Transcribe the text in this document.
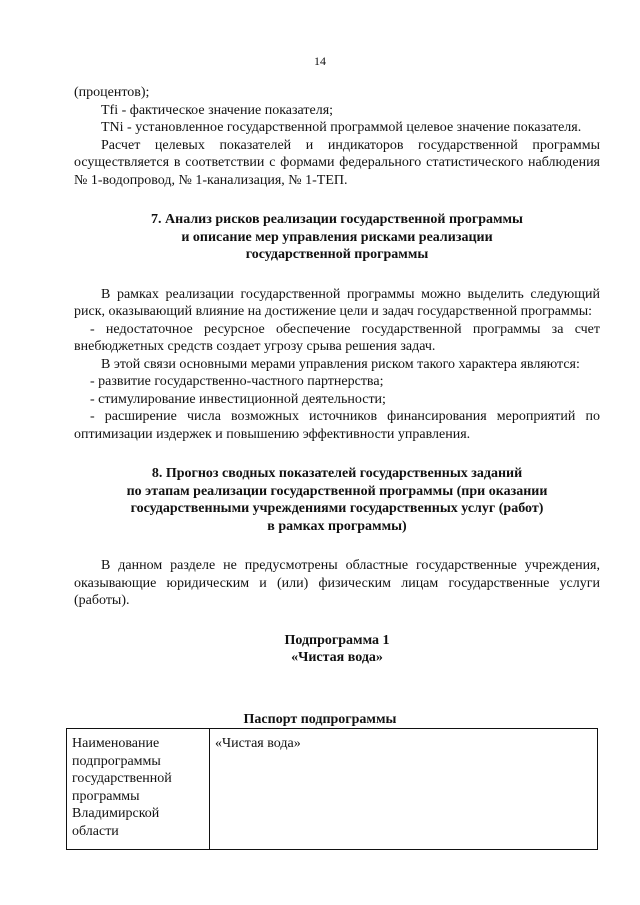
14

(процентов);

Tfi - фактическое значение показателя;

TNi - установленное государственной программой целевое значение показателя.

Расчет целевых показателей и индикаторов государственной программы осуществляется в соответствии с формами федерального статистического наблюдения № 1-водопровод, № 1-канализация, № 1-ТЕП.

7. Анализ рисков реализации государственной программы

и описание мер управления рисками реализации

государственной программы

В рамках реализации государственной программы можно выделить следующий риск, оказывающий влияние на достижение цели и задач государственной программы:

- недостаточное ресурсное обеспечение государственной программы за счет внебюджетных средств создает угрозу срыва решения задач.

В этой связи основными мерами управления риском такого характера являются:

- развитие государственно-частного партнерства;

- стимулирование инвестиционной деятельности;

- расширение числа возможных источников финансирования мероприятий по оптимизации издержек и повышению эффективности управления.

8. Прогноз сводных показателей государственных заданий

по этапам реализации государственной программы (при оказании

государственными учреждениями государственных услуг (работ)

в рамках программы)

В данном разделе не предусмотрены областные государственные учреждения, оказывающие юридическим и (или) физическим лицам государственные услуги (работы).

Подпрограмма 1

«Чистая вода»

Паспорт подпрограммы
Наименование
подпрограммы
государственной
программы
Владимирской
области
	«Чистая вода»
